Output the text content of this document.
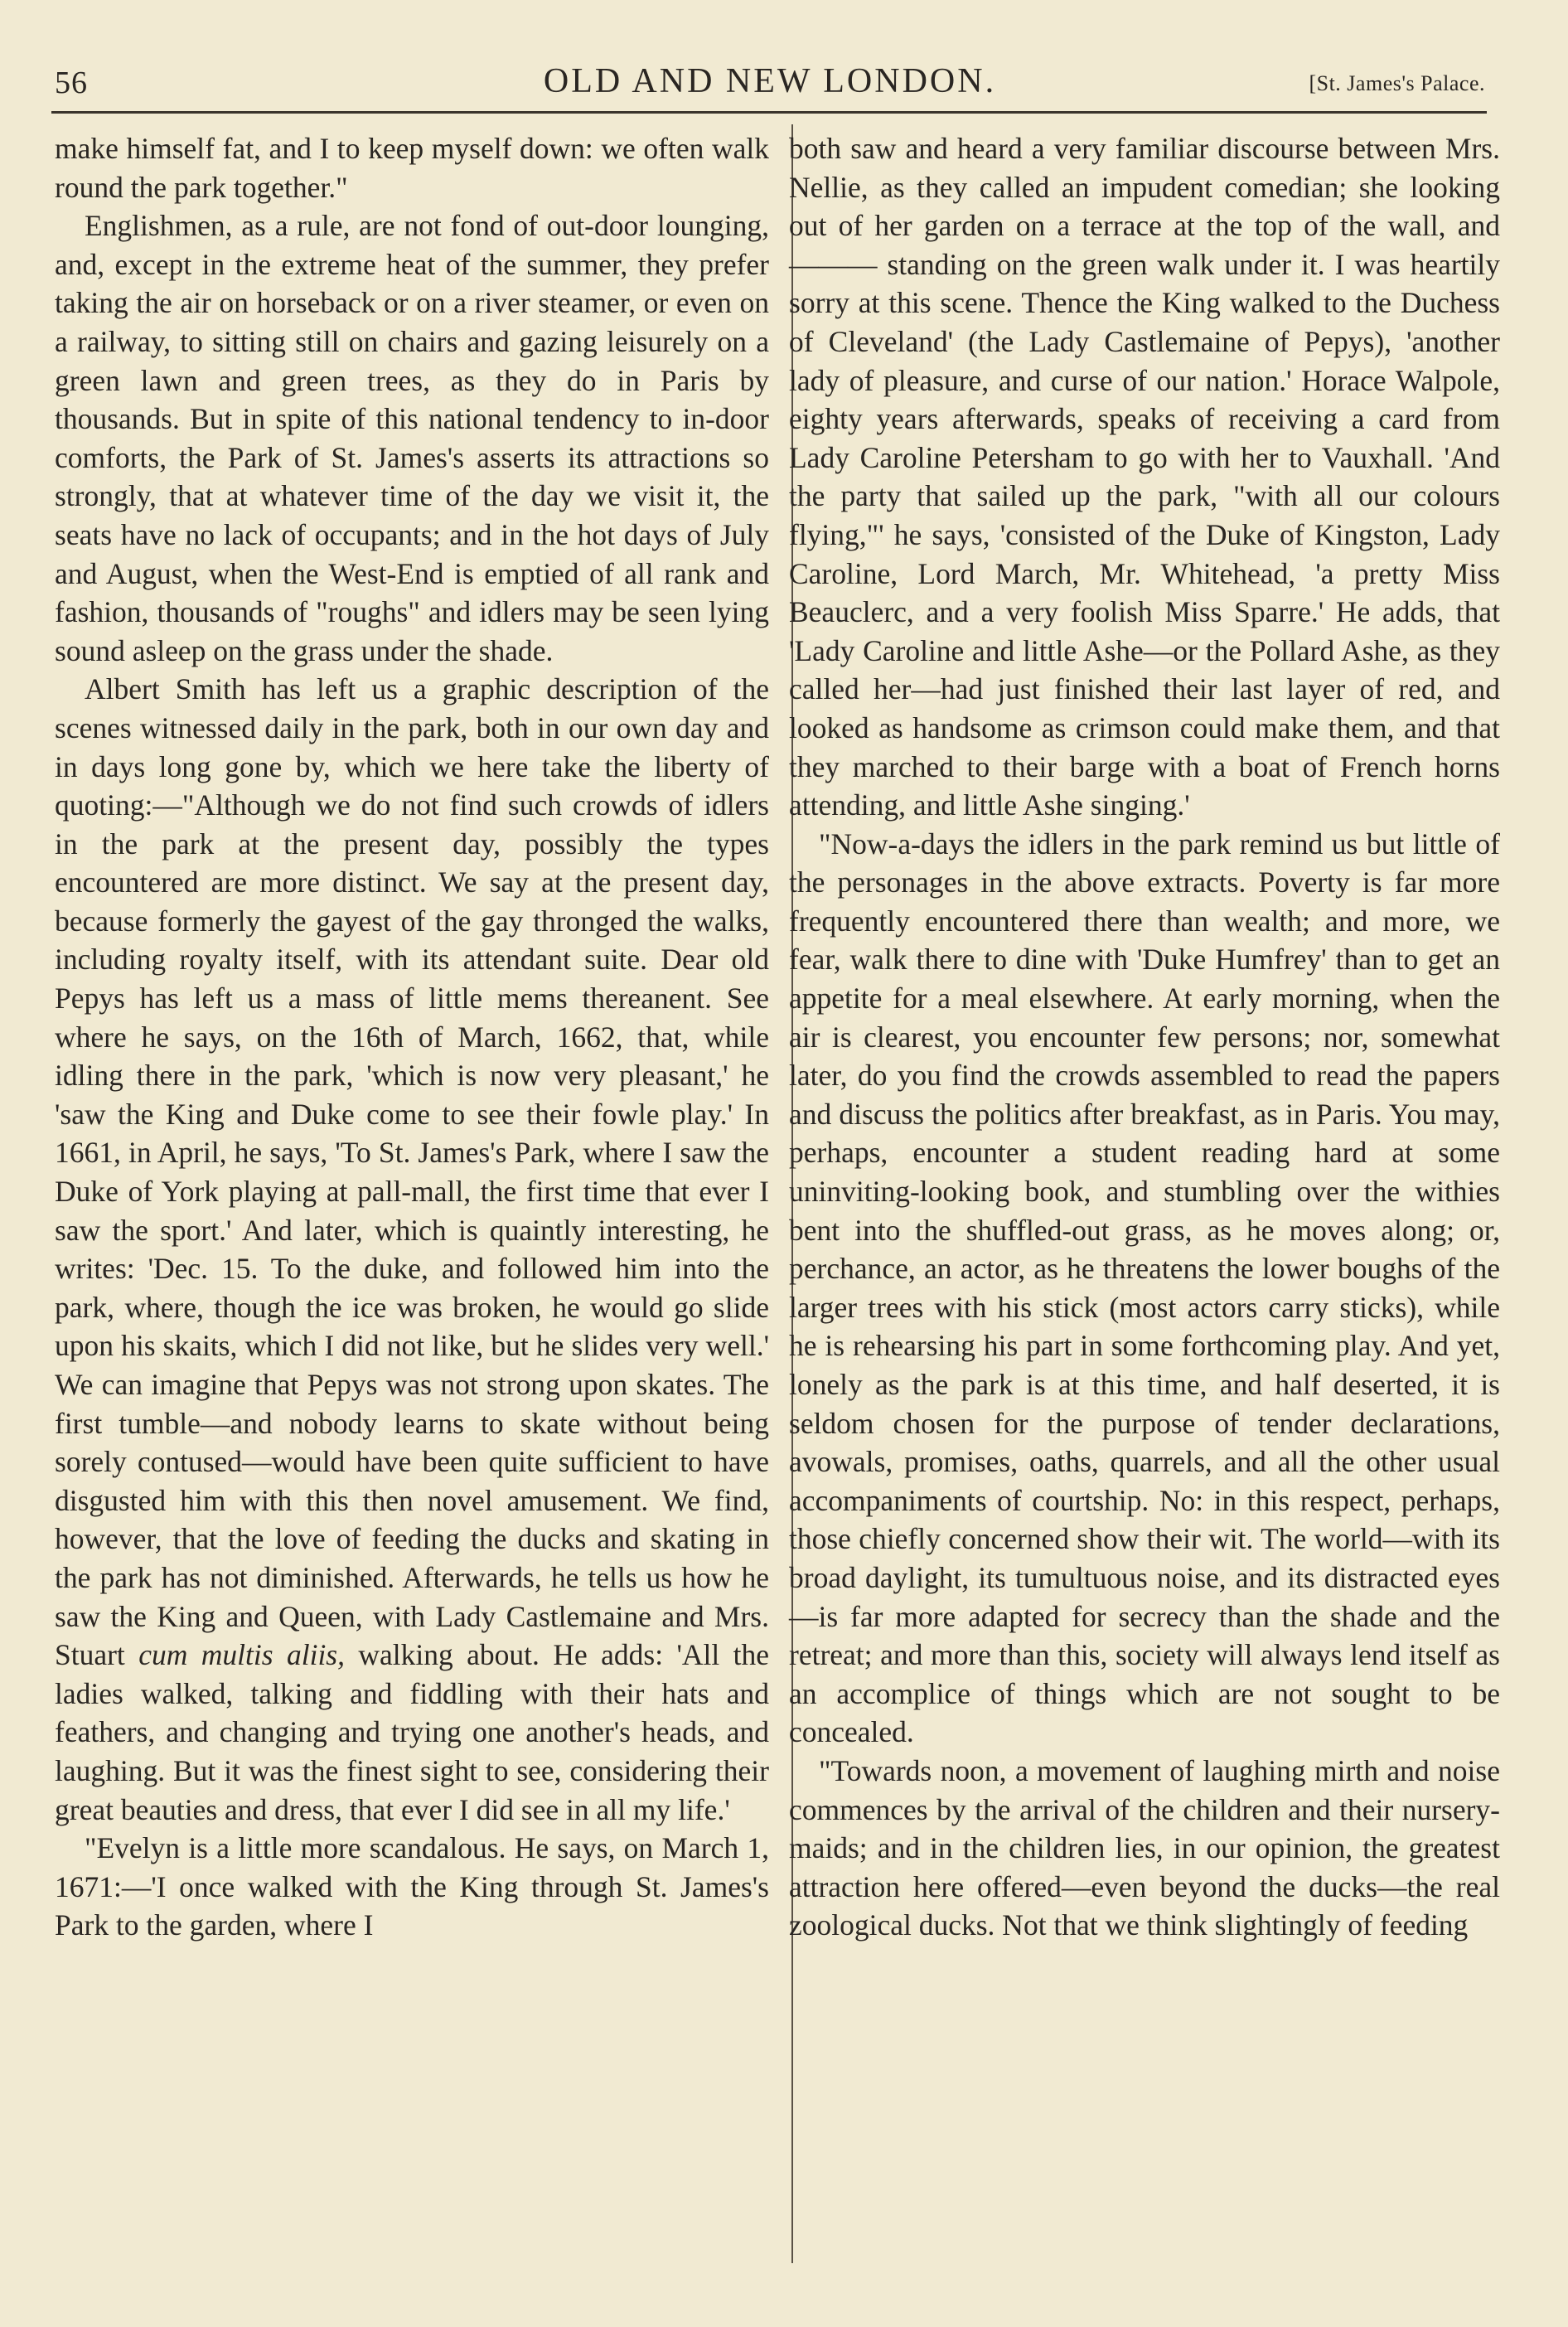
56	OLD AND NEW LONDON.	[St. James's Palace.

make himself fat, and I to keep myself down: we often walk round the park together."

Englishmen, as a rule, are not fond of out-door lounging, and, except in the extreme heat of the summer, they prefer taking the air on horseback or on a river steamer, or even on a railway, to sitting still on chairs and gazing leisurely on a green lawn and green trees, as they do in Paris by thousands. But in spite of this national tendency to in-door comforts, the Park of St. James's asserts its attractions so strongly, that at whatever time of the day we visit it, the seats have no lack of occupants; and in the hot days of July and August, when the West-End is emptied of all rank and fashion, thousands of "roughs" and idlers may be seen lying sound asleep on the grass under the shade.

Albert Smith has left us a graphic description of the scenes witnessed daily in the park, both in our own day and in days long gone by, which we here take the liberty of quoting:—"Although we do not find such crowds of idlers in the park at the present day, possibly the types encountered are more distinct. We say at the present day, because formerly the gayest of the gay thronged the walks, including royalty itself, with its attendant suite. Dear old Pepys has left us a mass of little mems thereanent. See where he says, on the 16th of March, 1662, that, while idling there in the park, 'which is now very pleasant,' he 'saw the King and Duke come to see their fowle play.' In 1661, in April, he says, 'To St. James's Park, where I saw the Duke of York playing at pall-mall, the first time that ever I saw the sport.' And later, which is quaintly interesting, he writes: 'Dec. 15. To the duke, and followed him into the park, where, though the ice was broken, he would go slide upon his skaits, which I did not like, but he slides very well.' We can imagine that Pepys was not strong upon skates. The first tumble—and nobody learns to skate without being sorely contused—would have been quite sufficient to have disgusted him with this then novel amusement. We find, however, that the love of feeding the ducks and skating in the park has not diminished. Afterwards, he tells us how he saw the King and Queen, with Lady Castlemaine and Mrs. Stuart cum multis aliis, walking about. He adds: 'All the ladies walked, talking and fiddling with their hats and feathers, and changing and trying one another's heads, and laughing. But it was the finest sight to see, considering their great beauties and dress, that ever I did see in all my life.'

"Evelyn is a little more scandalous. He says, on March 1, 1671:—'I once walked with the King through St. James's Park to the garden, where I

both saw and heard a very familiar discourse between Mrs. Nellie, as they called an impudent comedian; she looking out of her garden on a terrace at the top of the wall, and ——— standing on the green walk under it. I was heartily sorry at this scene. Thence the King walked to the Duchess of Cleveland' (the Lady Castlemaine of Pepys), 'another lady of pleasure, and curse of our nation.' Horace Walpole, eighty years afterwards, speaks of receiving a card from Lady Caroline Petersham to go with her to Vauxhall. 'And the party that sailed up the park, "with all our colours flying,"' he says, 'consisted of the Duke of Kingston, Lady Caroline, Lord March, Mr. Whitehead, 'a pretty Miss Beauclerc, and a very foolish Miss Sparre.' He adds, that 'Lady Caroline and little Ashe—or the Pollard Ashe, as they called her—had just finished their last layer of red, and looked as handsome as crimson could make them, and that they marched to their barge with a boat of French horns attending, and little Ashe singing.'

"Now-a-days the idlers in the park remind us but little of the personages in the above extracts. Poverty is far more frequently encountered there than wealth; and more, we fear, walk there to dine with 'Duke Humfrey' than to get an appetite for a meal elsewhere. At early morning, when the air is clearest, you encounter few persons; nor, somewhat later, do you find the crowds assembled to read the papers and discuss the politics after breakfast, as in Paris. You may, perhaps, encounter a student reading hard at some uninviting-looking book, and stumbling over the withies bent into the shuffled-out grass, as he moves along; or, perchance, an actor, as he threatens the lower boughs of the larger trees with his stick (most actors carry sticks), while he is rehearsing his part in some forthcoming play. And yet, lonely as the park is at this time, and half deserted, it is seldom chosen for the purpose of tender declarations, avowals, promises, oaths, quarrels, and all the other usual accompaniments of courtship. No: in this respect, perhaps, those chiefly concerned show their wit. The world—with its broad daylight, its tumultuous noise, and its distracted eyes—is far more adapted for secrecy than the shade and the retreat; and more than this, society will always lend itself as an accomplice of things which are not sought to be concealed.

"Towards noon, a movement of laughing mirth and noise commences by the arrival of the children and their nursery-maids; and in the children lies, in our opinion, the greatest attraction here offered—even beyond the ducks—the real zoological ducks. Not that we think slightingly of feeding
